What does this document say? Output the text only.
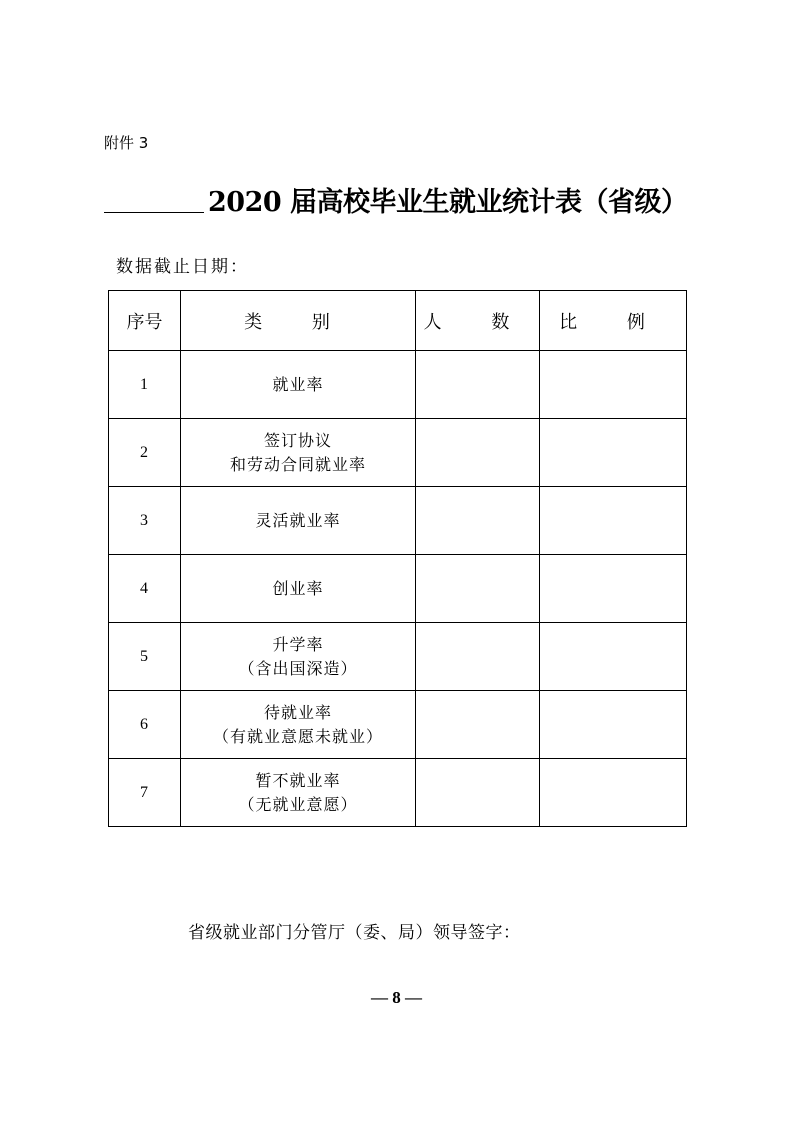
附件 3
2020 届高校毕业生就业统计表（省级）
数据截止日期：
序号	类 别	人 数	比 例
1	就业率		

2	签订协议
和劳动合同就业率		

3	灵活就业率		

4	创业率		

5	升学率
（含出国深造）		

6	待就业率
（有就业意愿未就业）		

7	暂不就业率
（无就业意愿）		

省级就业部门分管厅（委、局）领导签字：
— 8 —
